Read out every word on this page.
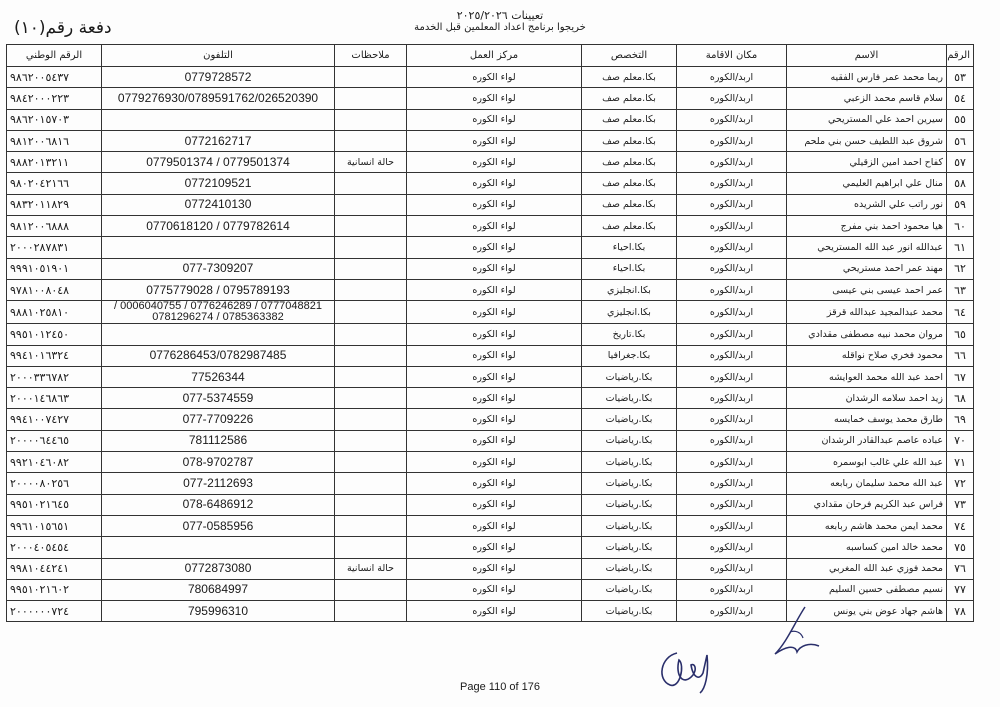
تعيينات ٢٠٢٥/٢٠٢٦
خريجوا برنامج اعداد المعلمين قبل الخدمة
دفعة رقم(١٠)
الرقم	الاسم	مكان الاقامة	التخصص	مركز العمل	ملاحظات	التلفون	الرقم الوطني
٥٣	ريما محمد عمر فارس الفقيه	اربد/الكوره	بكا.معلم صف	لواء الكوره		0779728572	٩٨٦٢٠٠٥٤٣٧
٥٤	سلام قاسم محمد الزعبي	اربد/الكوره	بكا.معلم صف	لواء الكوره		0779276930/0789591762/026520390	٩٨٤٢٠٠٠٢٢٣
٥٥	سيرين احمد علي المستريحي	اربد/الكوره	بكا.معلم صف	لواء الكوره			٩٨٦٢٠١٥٧٠٣
٥٦	شروق عبد اللطيف حسن بني ملحم	اربد/الكوره	بكا.معلم صف	لواء الكوره		0772162717	٩٨١٢٠٠٦٨١٦
٥٧	كفاح احمد امين الزقيلي	اربد/الكوره	بكا.معلم صف	لواء الكوره	حالة انسانية	0779501374 / 0779501374	٩٨٨٢٠١٣٢١١
٥٨	منال علي ابراهيم العليمي	اربد/الكوره	بكا.معلم صف	لواء الكوره		0772109521	٩٨٠٢٠٤٢١٦٦
٥٩	نور راتب علي الشريده	اربد/الكوره	بكا.معلم صف	لواء الكوره		0772410130	٩٨٣٢٠١١٨٢٩
٦٠	هيا محمود احمد بني مفرج	اربد/الكوره	بكا.معلم صف	لواء الكوره		0779782614 / 0770618120	٩٨١٢٠٠٦٨٨٨
٦١	عبدالله انور عبد الله المستريحي	اربد/الكوره	بكا.احياء	لواء الكوره			٢٠٠٠٢٨٧٨٣١
٦٢	مهند عمر احمد مستريحي	اربد/الكوره	بكا.احياء	لواء الكوره		077-7309207	٩٩٩١٠٥١٩٠١
٦٣	عمر احمد عيسى بني عيسى	اربد/الكوره	بكا.انجليزي	لواء الكوره		0795789193 / 0775779028	٩٧٨١٠٠٨٠٤٨
٦٤	محمد عبدالمجيد عبدالله قرقز	اربد/الكوره	بكا.انجليزي	لواء الكوره		0777048821 / 0776246289 / 0006040755 / 0785363382 / 0781296274	٩٨٨١٠٢٥٨١٠
٦٥	مروان محمد نبيه مصطفى مقدادي	اربد/الكوره	بكا.تاريخ	لواء الكوره			٩٩٥١٠١٢٤٥٠
٦٦	محمود فخري صلاح نواقله	اربد/الكوره	بكا.جغرافيا	لواء الكوره		0776286453/0782987485	٩٩٤١٠١٦٣٢٤
٦٧	احمد عبد الله محمد العوايشه	اربد/الكوره	بكا.رياضيات	لواء الكوره		77526344	٢٠٠٠٣٣٦٧٨٢
٦٨	زيد احمد سلامه الرشدان	اربد/الكوره	بكا.رياضيات	لواء الكوره		077-5374559	٢٠٠٠١٤٦٨٦٣
٦٩	طارق محمد يوسف خمايسه	اربد/الكوره	بكا.رياضيات	لواء الكوره		077-7709226	٩٩٤١٠٠٧٤٢٧
٧٠	عباده عاصم عبدالقادر الرشدان	اربد/الكوره	بكا.رياضيات	لواء الكوره		781112586	٢٠٠٠٠٦٤٤٦٥
٧١	عبد الله علي غالب ابوسمره	اربد/الكوره	بكا.رياضيات	لواء الكوره		078-9702787	٩٩٢١٠٤٦٠٨٢
٧٢	عبد الله محمد سليمان ربابعه	اربد/الكوره	بكا.رياضيات	لواء الكوره		077-2112693	٢٠٠٠٠٨٠٢٥٦
٧٣	فراس عبد الكريم فرحان مقدادي	اربد/الكوره	بكا.رياضيات	لواء الكوره		078-6486912	٩٩٥١٠٢١٦٤٥
٧٤	محمد ايمن محمد هاشم ربابعه	اربد/الكوره	بكا.رياضيات	لواء الكوره		077-0585956	٩٩٦١٠١٥٦٥١
٧٥	محمد خالد امين كساسبه	اربد/الكوره	بكا.رياضيات	لواء الكوره			٢٠٠٠٤٠٥٤٥٤
٧٦	محمد فوزي عبد الله المغربي	اربد/الكوره	بكا.رياضيات	لواء الكوره	حالة انسانية	0772873080	٩٩٨١٠٤٤٢٤١
٧٧	نسيم مصطفى حسين السليم	اربد/الكوره	بكا.رياضيات	لواء الكوره		780684997	٩٩٥١٠٢١٦٠٢
٧٨	هاشم جهاد عوض بني يونس	اربد/الكوره	بكا.رياضيات	لواء الكوره		795996310	٢٠٠٠٠٠٠٧٢٤
Page 110 of 176
